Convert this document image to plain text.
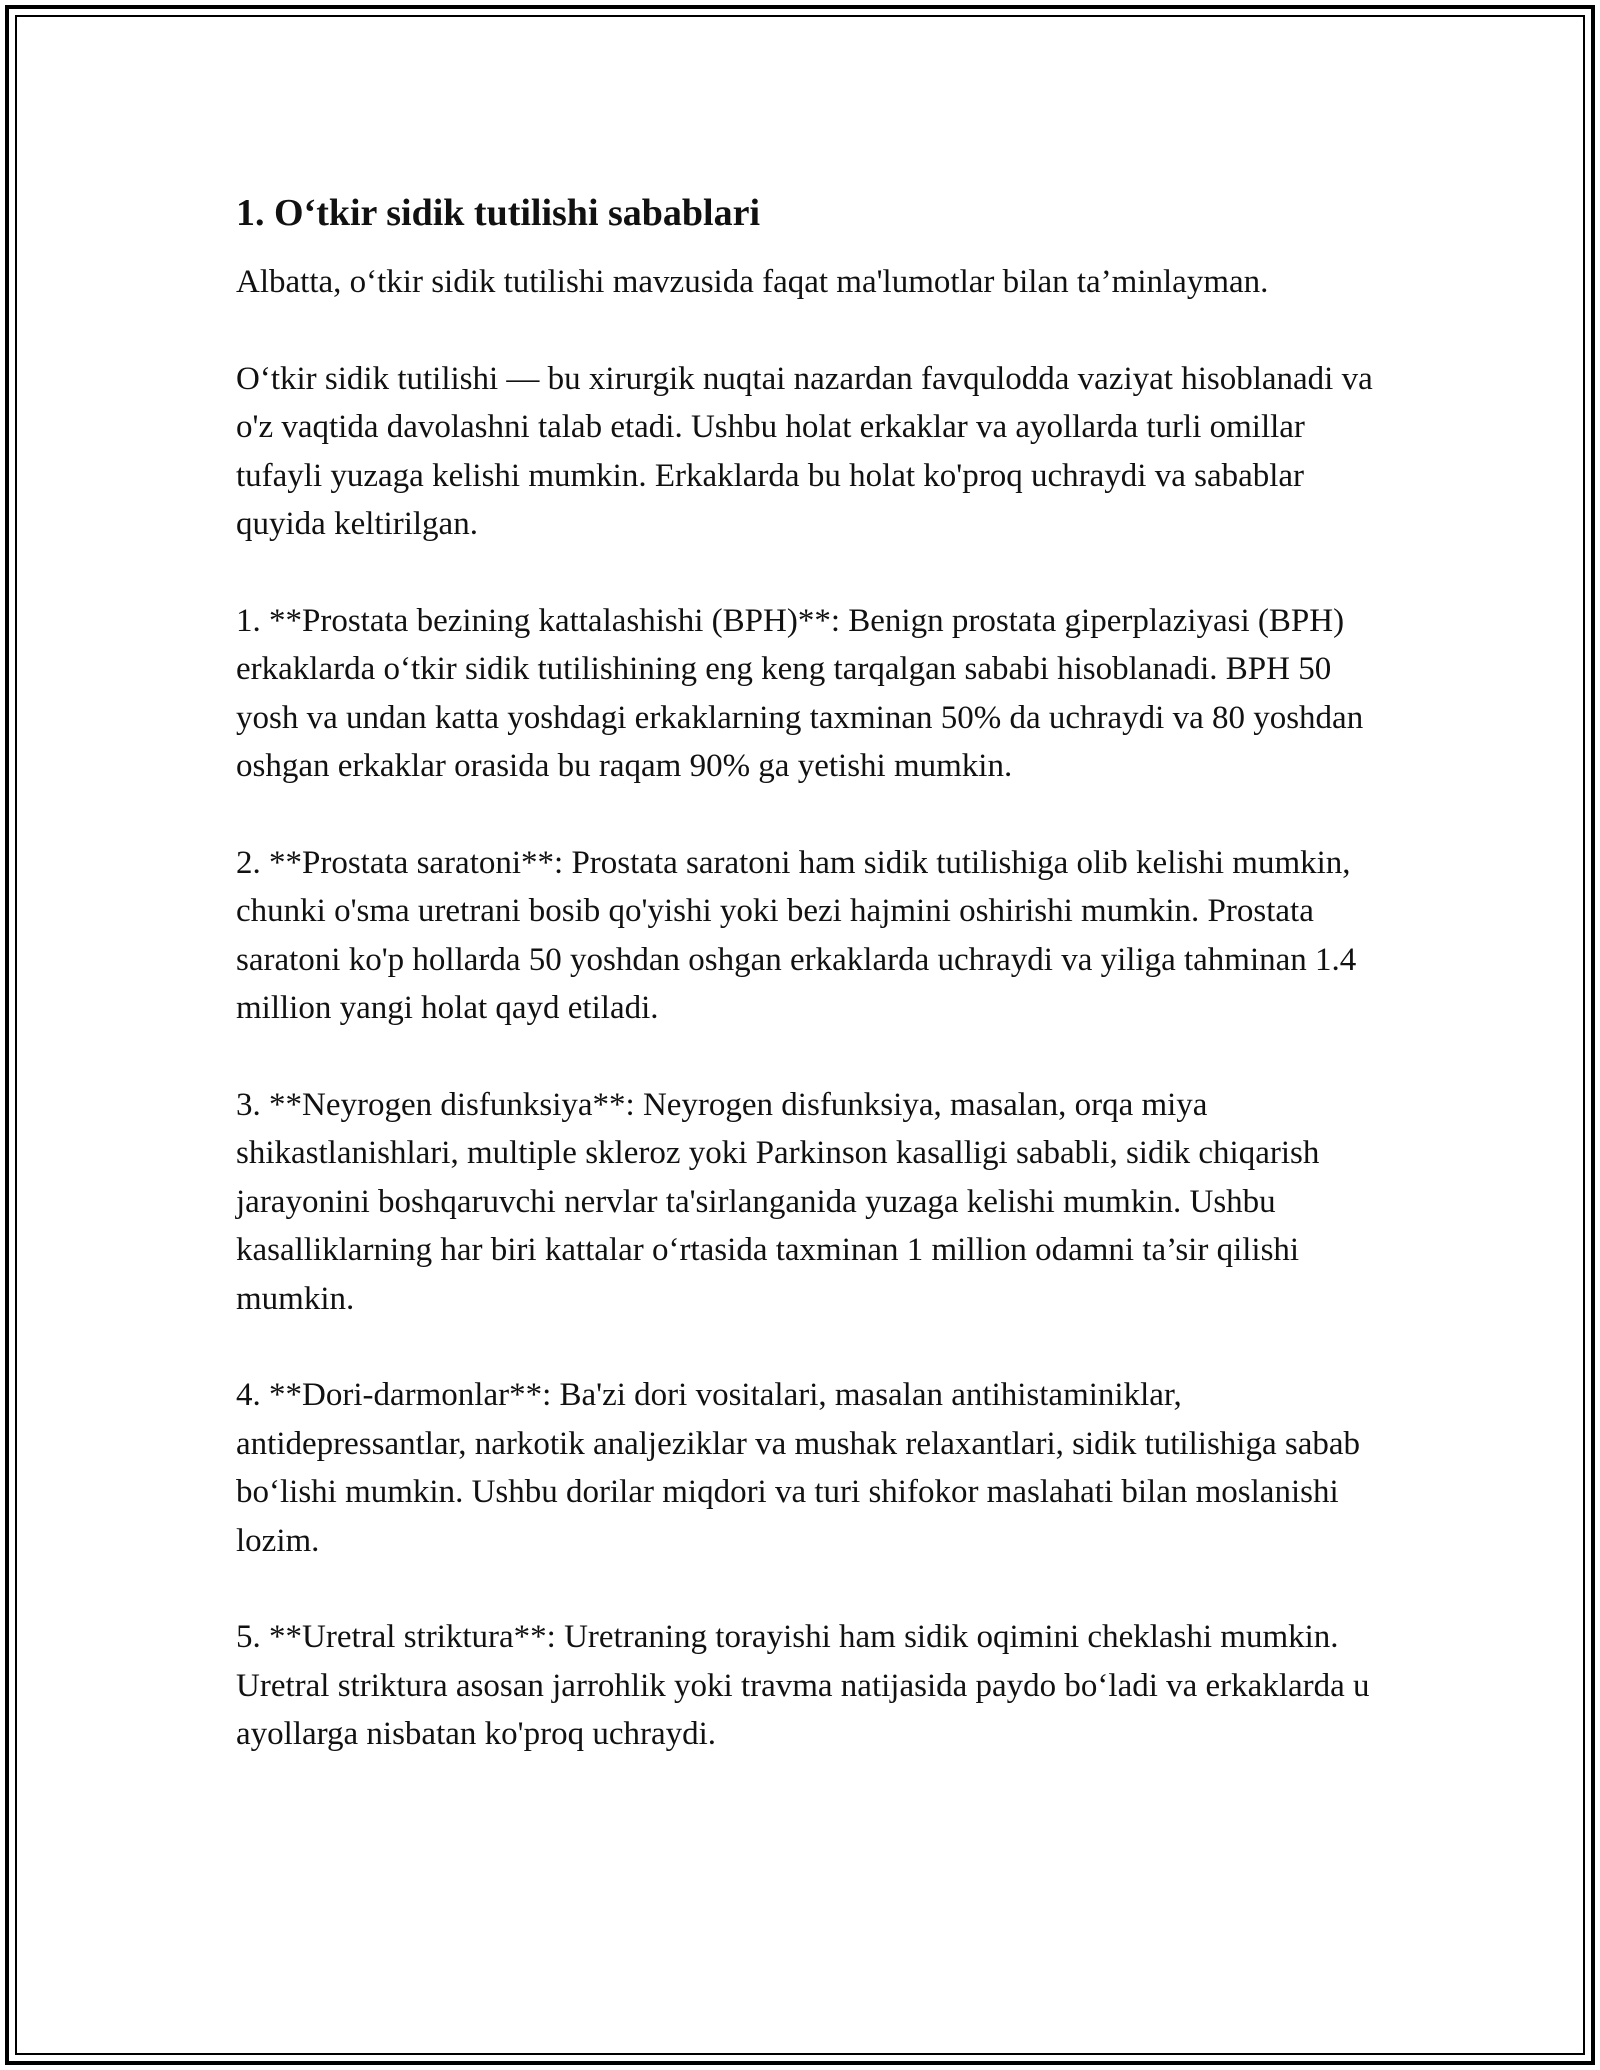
1. O‘tkir sidik tutilishi sabablari

Albatta, o‘tkir sidik tutilishi mavzusida faqat ma'lumotlar bilan ta’minlayman.

O‘tkir sidik tutilishi — bu xirurgik nuqtai nazardan favqulodda vaziyat hisoblanadi va o'z vaqtida davolashni talab etadi. Ushbu holat erkaklar va ayollarda turli omillar tufayli yuzaga kelishi mumkin. Erkaklarda bu holat ko'proq uchraydi va sabablar quyida keltirilgan.

1. **Prostata bezining kattalashishi (BPH)**: Benign prostata giperplaziyasi (BPH) erkaklarda o‘tkir sidik tutilishining eng keng tarqalgan sababi hisoblanadi. BPH 50 yosh va undan katta yoshdagi erkaklarning taxminan 50% da uchraydi va 80 yoshdan oshgan erkaklar orasida bu raqam 90% ga yetishi mumkin.

2. **Prostata saratoni**: Prostata saratoni ham sidik tutilishiga olib kelishi mumkin, chunki o'sma uretrani bosib qo'yishi yoki bezi hajmini oshirishi mumkin. Prostata saratoni ko'p hollarda 50 yoshdan oshgan erkaklarda uchraydi va yiliga tahminan 1.4 million yangi holat qayd etiladi.

3. **Neyrogen disfunksiya**: Neyrogen disfunksiya, masalan, orqa miya shikastlanishlari, multiple skleroz yoki Parkinson kasalligi sababli, sidik chiqarish jarayonini boshqaruvchi nervlar ta'sirlanganida yuzaga kelishi mumkin. Ushbu kasalliklarning har biri kattalar o‘rtasida taxminan 1 million odamni ta’sir qilishi mumkin.

4. **Dori-darmonlar**: Ba'zi dori vositalari, masalan antihistaminiklar, antidepressantlar, narkotik analjeziklar va mushak relaxantlari, sidik tutilishiga sabab bo‘lishi mumkin. Ushbu dorilar miqdori va turi shifokor maslahati bilan moslanishi lozim.

5. **Uretral striktura**: Uretraning torayishi ham sidik oqimini cheklashi mumkin. Uretral striktura asosan jarrohlik yoki travma natijasida paydo bo‘ladi va erkaklarda u ayollarga nisbatan ko'proq uchraydi.
